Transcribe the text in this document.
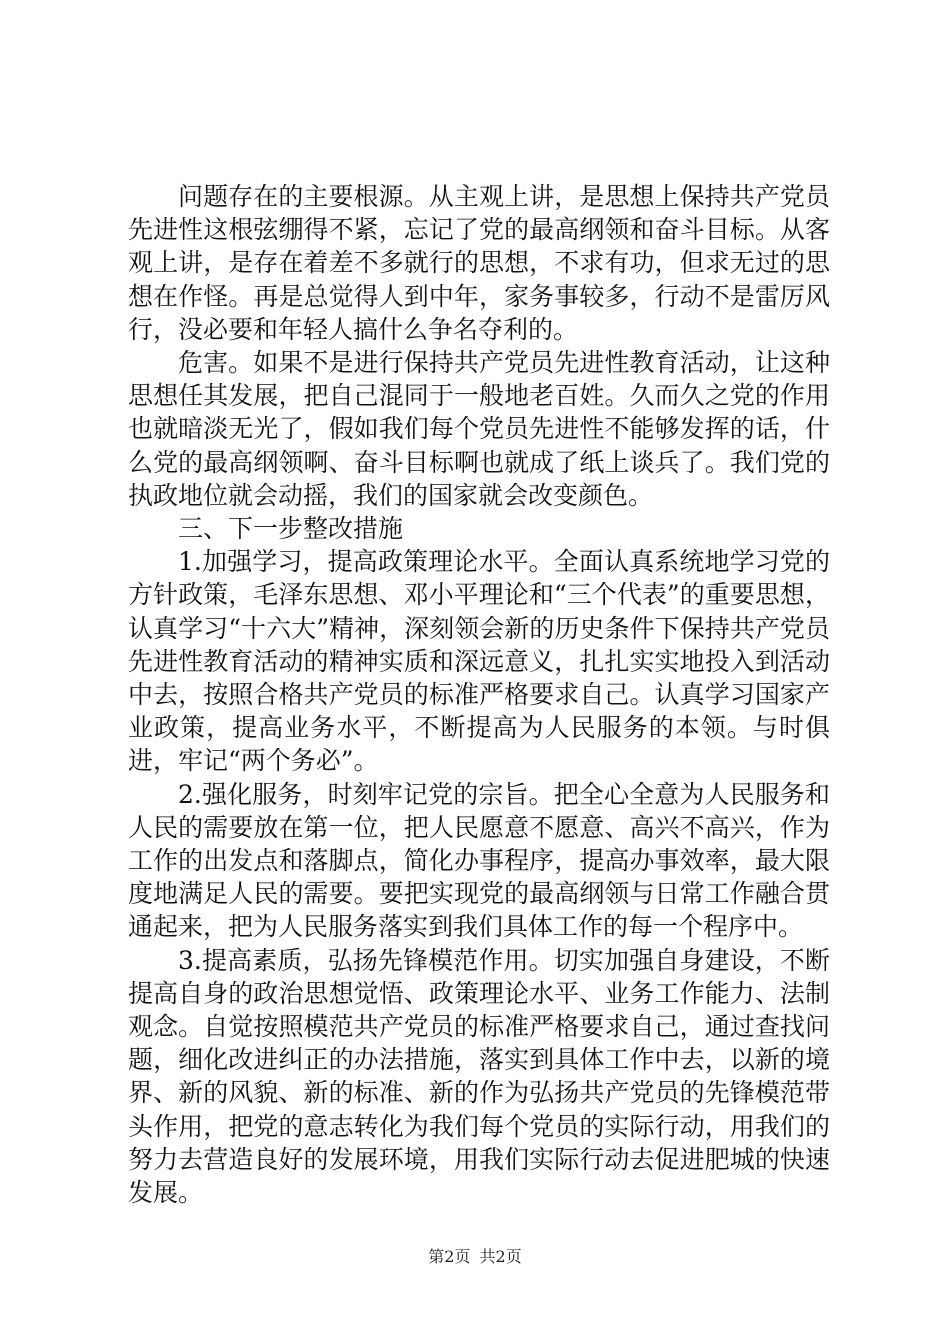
问题存在的主要根源。从主观上讲，是思想上保持共产党员先进性这根弦绷得不紧，忘记了党的最高纲领和奋斗目标。从客观上讲，是存在着差不多就行的思想，不求有功，但求无过的思想在作怪。再是总觉得人到中年，家务事较多，行动不是雷厉风行，没必要和年轻人搞什么争名夺利的。

危害。如果不是进行保持共产党员先进性教育活动，让这种思想任其发展，把自己混同于一般地老百姓。久而久之党的作用也就暗淡无光了，假如我们每个党员先进性不能够发挥的话，什么党的最高纲领啊、奋斗目标啊也就成了纸上谈兵了。我们党的执政地位就会动摇，我们的国家就会改变颜色。

三、下一步整改措施

1.加强学习，提高政策理论水平。全面认真系统地学习党的方针政策，毛泽东思想、邓小平理论和“三个代表”的重要思想，认真学习“十六大”精神，深刻领会新的历史条件下保持共产党员先进性教育活动的精神实质和深远意义，扎扎实实地投入到活动中去，按照合格共产党员的标准严格要求自己。认真学习国家产业政策，提高业务水平，不断提高为人民服务的本领。与时俱进，牢记“两个务必”。

2.强化服务，时刻牢记党的宗旨。把全心全意为人民服务和人民的需要放在第一位，把人民愿意不愿意、高兴不高兴，作为工作的出发点和落脚点，简化办事程序，提高办事效率，最大限度地满足人民的需要。要把实现党的最高纲领与日常工作融合贯通起来，把为人民服务落实到我们具体工作的每一个程序中。

3.提高素质，弘扬先锋模范作用。切实加强自身建设，不断提高自身的政治思想觉悟、政策理论水平、业务工作能力、法制观念。自觉按照模范共产党员的标准严格要求自己，通过查找问题，细化改进纠正的办法措施，落实到具体工作中去，以新的境界、新的风貌、新的标准、新的作为弘扬共产党员的先锋模范带头作用，把党的意志转化为我们每个党员的实际行动，用我们的努力去营造良好的发展环境，用我们实际行动去促进肥城的快速发展。

第2页 共2页
